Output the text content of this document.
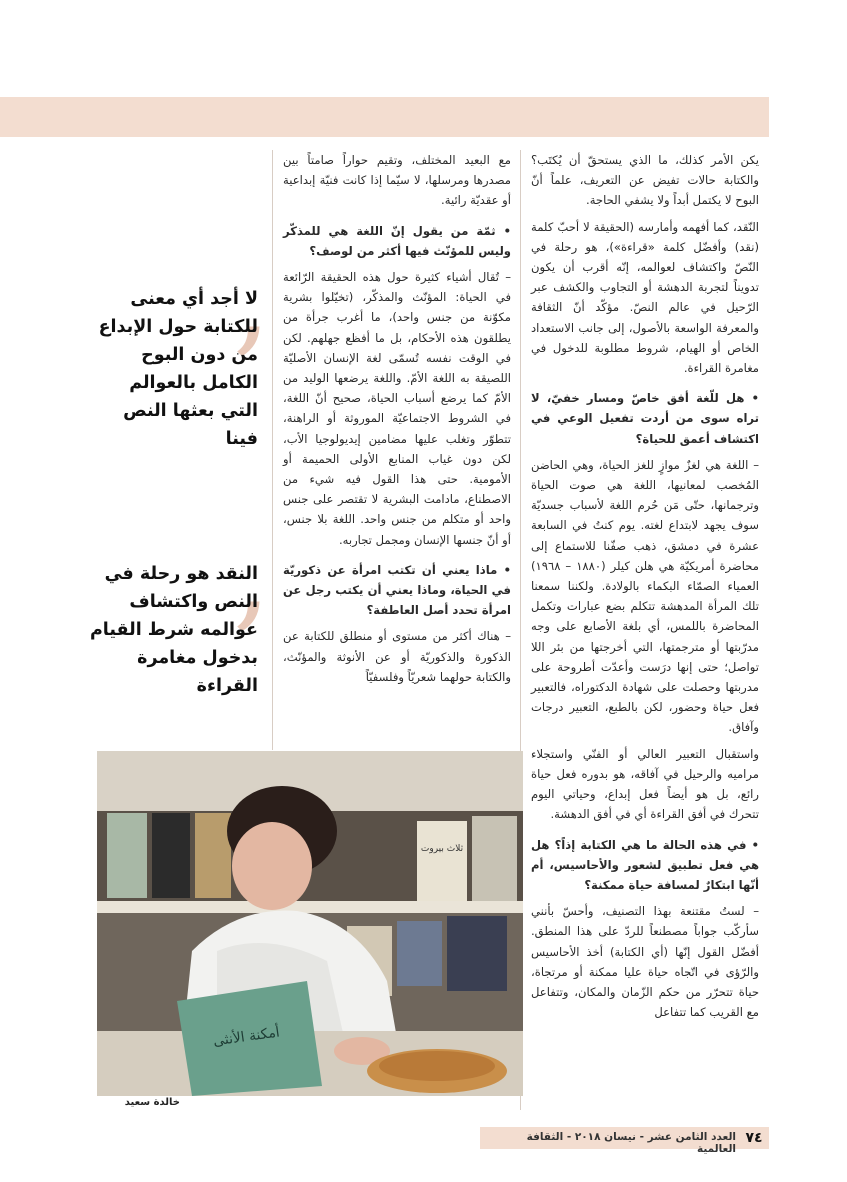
يكن الأمر كذلك، ما الذي يستحقّ أن يُكتَب؟ والكتابة حالات تفيض عن التعريف، علماً أنّ البوح لا يكتمل أبداً ولا يشفي الحاجة.

النّقد، كما أفهمه وأمارسه (الحقيقة لا أحبّ كلمة (نقد) وأفضّل كلمة «قراءة»)، هو رحلة في النّصّ واكتشاف لعوالمه، إنّه أقرب أن يكون تدويناً لتجربة الدهشة أو التجاوب والكشف عبر الرّحيل في عالم النصّ. مؤكّد أنّ الثقافة والمعرفة الواسعة بالأصول، إلى جانب الاستعداد الخاص أو الهيام، شروط مطلوبة للدخول في مغامرة القراءة.

• هل للّغة أفق خاصّ ومسار خفيّ، لا تراه سوى من أردت تفعيل الوعي في اكتشاف أعمق للحياة؟

– اللغة هي لغزٌ موازٍ للغز الحياة، وهي الحاضن المُخصب لمعانيها، اللغة هي صوت الحياة وترجمانها، حتّى مَن حُرم اللغة لأسباب جسديّة سوف يجهد لابتداع لغته. يوم كنتُ في السابعة عشرة في دمشق، ذهب صفّنا للاستماع إلى محاضرة أمريكيّة هي هلن كيلر (١٨٨٠ – ١٩٦٨) العمياء الصمّاء البكماء بالولادة. ولكننا سمعنا تلك المرأة المدهشة تتكلم بضع عبارات وتكمل المحاضرة باللمس، أي بلغة الأصابع على وجه مدرّبتها أو مترجمتها، التي أخرجتها من بئر اللا تواصل؛ حتى إنها درَست وأعدّت أطروحة على مدربتها وحصلت على شهادة الدكتوراه، فالتعبير فعل حياة وحضور، لكن بالطبع، التعبير درجات وآفاق.

واستقبال التعبير العالي أو الفنّي واستجلاء مراميه والرحيل في آفاقه، هو بدوره فعل حياة رائع، بل هو أيضاً فعل إبداع، وحياتي اليوم تتحرك في أفق القراءة أي في أفق الدهشة.

• في هذه الحالة ما هي الكتابة إذاً؟ هل هي فعل تطبيق لشعور والأحاسيس، أم أنّها ابتكارٌ لمسافة حياة ممكنة؟

– لستُ مقتنعة بهذا التصنيف، وأحسّ بأنني سأركّب جواباً مصطنعاً للردّ على هذا المنطق. أفضّل القول إنّها (أي الكتابة) أخذ الأحاسيس والرّؤى في اتّجاه حياة عليا ممكنة أو مرتجاة، حياة تتحرّر من حكم الزّمان والمكان، وتتفاعل مع القريب كما تتفاعل

مع البعيد المختلف، وتقيم حواراً صامتاً بين مصدرها ومرسلها، لا سيّما إذا كانت فنيّة إبداعية أو عقديّة رائية.

• ثمّة من يقول إنّ اللغة هي للمذكّر وليس للمؤنّث فيها أكثر من لوصف؟

– تُقال أشياء كثيرة حول هذه الحقيقة الرّائعة في الحياة: المؤنّث والمذكّر، (تخيّلوا بشرية مكوّنة من جنس واحد)، ما أغرب جرأة من يطلقون هذه الأحكام، بل ما أفظع جهلهم. لكن في الوقت نفسه تُسمّى لغة الإنسان الأصليّة اللصيقة به اللغة الأمّ. واللغة يرضعها الوليد من الأمّ كما يرضع أسباب الحياة، صحيح أنّ اللغة، في الشروط الاجتماعيّة الموروثة أو الراهنة، تتطوّر وتغلب عليها مضامين إيديولوجيا الأب، لكن دون غياب المنابع الأولى الحميمة أو الأمومية. حتى هذا القول فيه شيء من الاصطناع، مادامت البشرية لا تقتصر على جنس واحد أو متكلم من جنس واحد. اللغة بلا جنس، أو أنّ جنسها الإنسان ومجمل تجاربه.

• ماذا يعني أن تكتب امرأة عن ذكوريّة في الحياة، وماذا يعني أن يكتب رجل عن امرأة تحدد أصل العاطفة؟

– هناك أكثر من مستوى أو منطلق للكتابة عن الذكورة والذكوريّة أو عن الأنوثة والمؤنّث، والكتابة حولهما شعريّاً وفلسفيّاً

‚
لا أجد أي معنى للكتابة حول الإبداع من دون البوح الكامل بالعوالم التي بعثها النص فينا
‚
النقد هو رحلة في النص واكتشاف عوالمه شرط القيام بدخول مغامرة القراءة
ثلاث بيروت
أمكنة الأنثى
خالدة سعيد
العدد الثامن عشر - نيسان ٢٠١٨ - الثقافة العالمية
٧٤
